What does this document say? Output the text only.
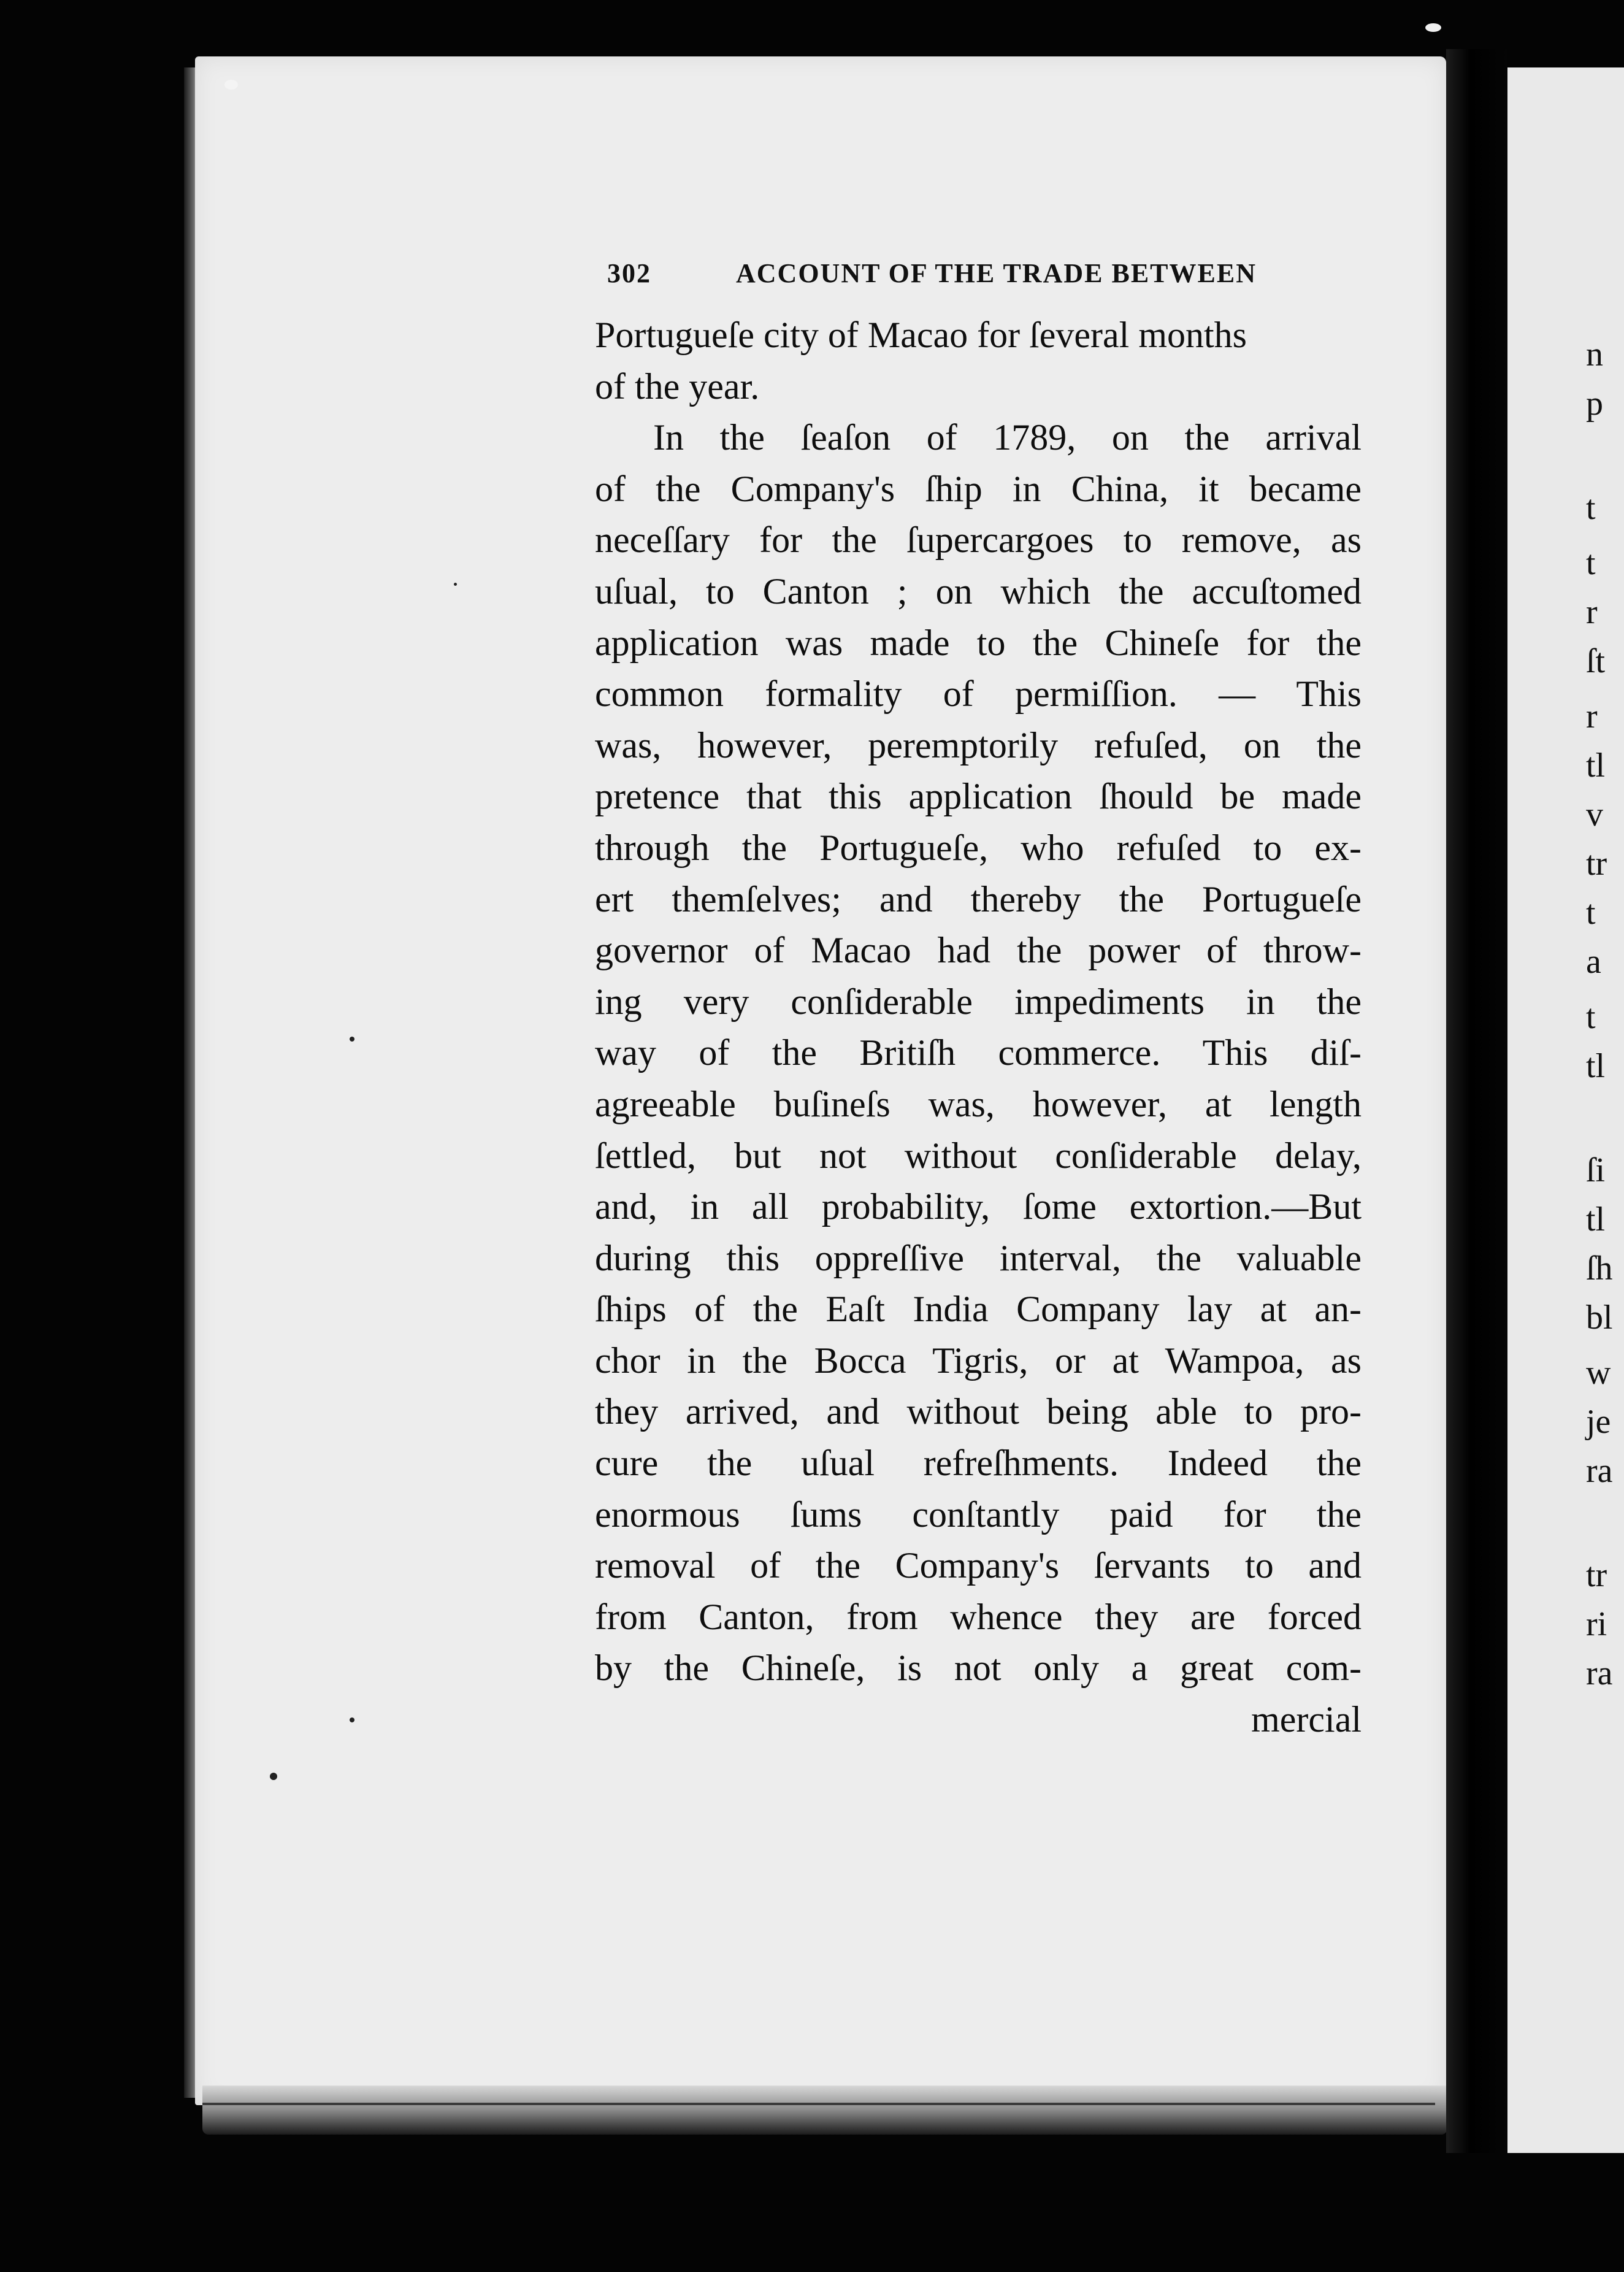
n
p
t
t
r
ſt
r
tl
v
tr
t
a
t
tl
ſi
tl
ſh
bl
w
je
ra
tr
ri
ra
302	ACCOUNT OF THE TRADE BETWEEN
Portugueſe city of Macao for ſeveral months
of the year.
In the ſeaſon of 1789, on the arrival
of the Company's ſhip in China, it became
neceſſary for the ſupercargoes to remove, as
uſual, to Canton ; on which the accuſtomed
application was made to the Chineſe for the
common formality of permiſſion. — This
was, however, peremptorily refuſed, on the
pretence that this application ſhould be made
through the Portugueſe, who refuſed to ex-
ert themſelves; and thereby the Portugueſe
governor of Macao had the power of throw-
ing very conſiderable impediments in the
way of the Britiſh commerce. This diſ-
agreeable buſineſs was, however, at length
ſettled, but not without conſiderable delay,
and, in all probability, ſome extortion.—But
during this oppreſſive interval, the valuable
ſhips of the Eaſt India Company lay at an-
chor in the Bocca Tigris, or at Wampoa, as
they arrived, and without being able to pro-
cure the uſual refreſhments. Indeed the
enormous ſums conſtantly paid for the
removal of the Company's ſervants to and
from Canton, from whence they are forced
by the Chineſe, is not only a great com-
mercial
